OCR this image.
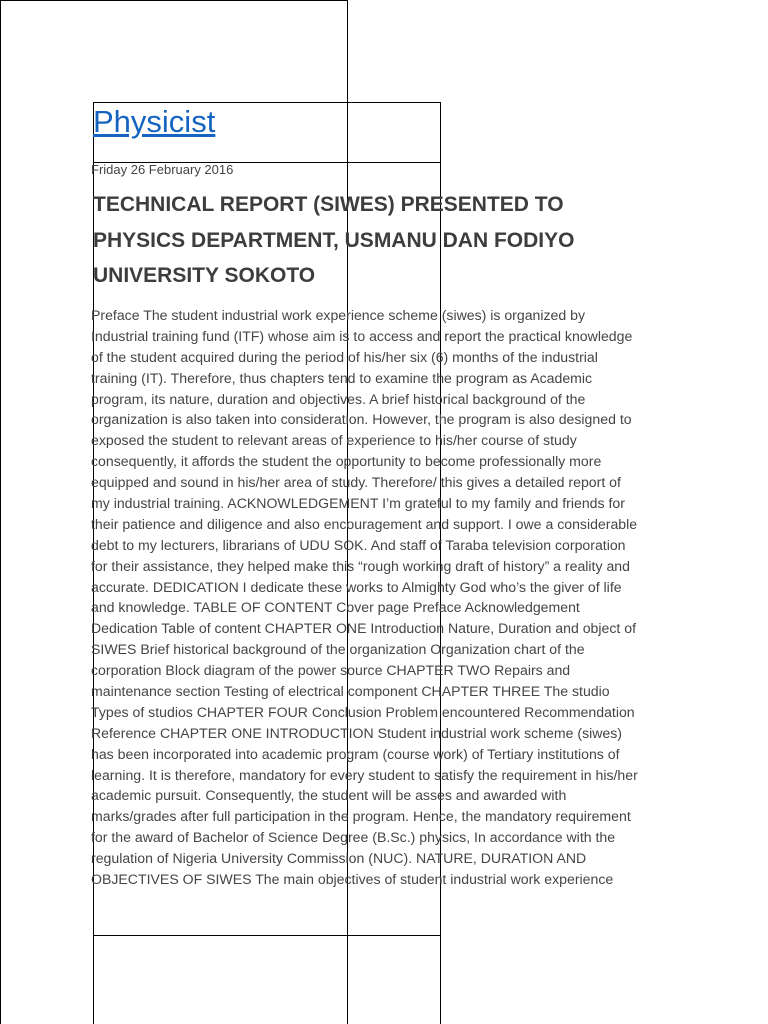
Physicist
Friday 26 February 2016
TECHNICAL REPORT (SIWES) PRESENTED TO PHYSICS DEPARTMENT, USMANU DAN FODIYO UNIVERSITY SOKOTO
Preface The student industrial work experience scheme (siwes) is organized by
Industrial training fund (ITF) whose aim is to access and report the practical knowledge
of the student acquired during the period of his/her six (6) months of the industrial
training (IT). Therefore, thus chapters tend to examine the program as Academic
program, its nature, duration and objectives. A brief historical background of the
organization is also taken into consideration. However, the program is also designed to
exposed the student to relevant areas of experience to his/her course of study
consequently, it affords the student the opportunity to become professionally more
equipped and sound in his/her area of study. Therefore/ this gives a detailed report of
my industrial training. ACKNOWLEDGEMENT I’m grateful to my family and friends for
their patience and diligence and also encouragement and support. I owe a considerable
debt to my lecturers, librarians of UDU SOK. And staff of Taraba television corporation
for their assistance, they helped make this “rough working draft of history” a reality and
accurate. DEDICATION I dedicate these works to Almighty God who’s the giver of life
and knowledge. TABLE OF CONTENT Cover page Preface Acknowledgement
Dedication Table of content CHAPTER ONE Introduction Nature, Duration and object of
SIWES Brief historical background of the organization Organization chart of the
corporation Block diagram of the power source CHAPTER TWO Repairs and
maintenance section Testing of electrical component CHAPTER THREE The studio
Types of studios CHAPTER FOUR Conclusion Problem encountered Recommendation
Reference CHAPTER ONE INTRODUCTION Student industrial work scheme (siwes)
has been incorporated into academic program (course work) of Tertiary institutions of
learning. It is therefore, mandatory for every student to satisfy the requirement in his/her
academic pursuit. Consequently, the student will be asses and awarded with
marks/grades after full participation in the program. Hence, the mandatory requirement
for the award of Bachelor of Science Degree (B.Sc.) physics, In accordance with the
regulation of Nigeria University Commission (NUC). NATURE, DURATION AND
OBJECTIVES OF SIWES The main objectives of student industrial work experience
